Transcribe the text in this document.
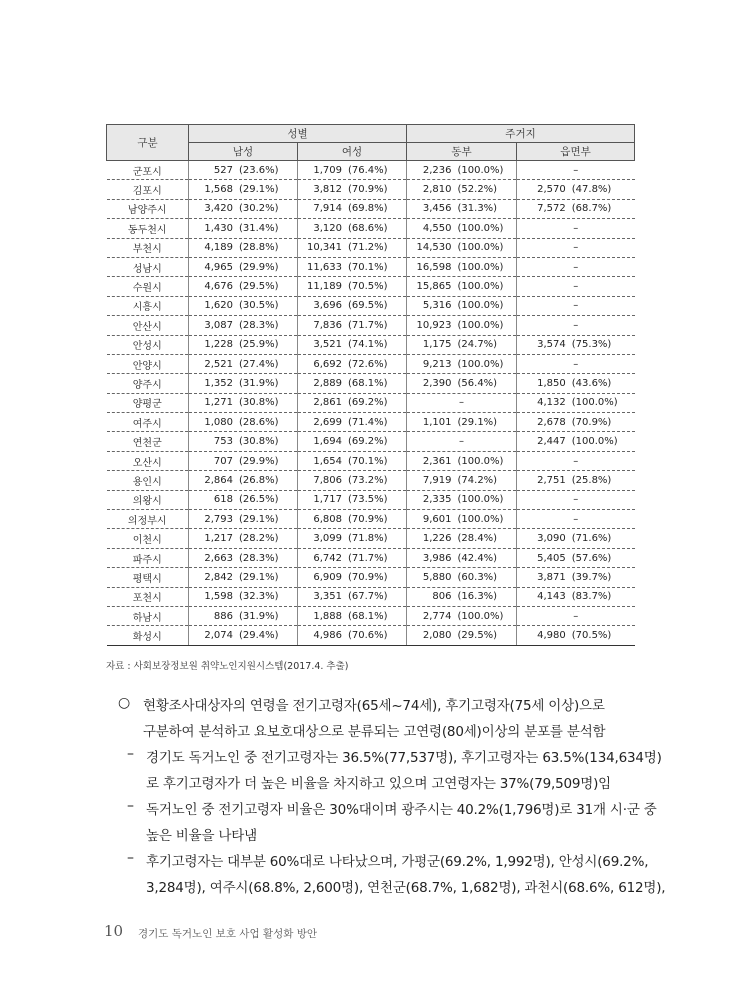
구분	성별		주거지	
	남성	여성	동부	읍면부
군포시	527 (23.6%)	1,709 (76.4%)	2,236 (100.0%)	–
김포시	1,568 (29.1%)	3,812 (70.9%)	2,810 (52.2%)	2,570 (47.8%)
남양주시	3,420 (30.2%)	7,914 (69.8%)	3,456 (31.3%)	7,572 (68.7%)
동두천시	1,430 (31.4%)	3,120 (68.6%)	4,550 (100.0%)	–
부천시	4,189 (28.8%)	10,341 (71.2%)	14,530 (100.0%)	–
성남시	4,965 (29.9%)	11,633 (70.1%)	16,598 (100.0%)	–
수원시	4,676 (29.5%)	11,189 (70.5%)	15,865 (100.0%)	–
시흥시	1,620 (30.5%)	3,696 (69.5%)	5,316 (100.0%)	–
안산시	3,087 (28.3%)	7,836 (71.7%)	10,923 (100.0%)	–
안성시	1,228 (25.9%)	3,521 (74.1%)	1,175 (24.7%)	3,574 (75.3%)
안양시	2,521 (27.4%)	6,692 (72.6%)	9,213 (100.0%)	–
양주시	1,352 (31.9%)	2,889 (68.1%)	2,390 (56.4%)	1,850 (43.6%)
양평군	1,271 (30.8%)	2,861 (69.2%)	–	4,132 (100.0%)
여주시	1,080 (28.6%)	2,699 (71.4%)	1,101 (29.1%)	2,678 (70.9%)
연천군	753 (30.8%)	1,694 (69.2%)	–	2,447 (100.0%)
오산시	707 (29.9%)	1,654 (70.1%)	2,361 (100.0%)	–
용인시	2,864 (26.8%)	7,806 (73.2%)	7,919 (74.2%)	2,751 (25.8%)
의왕시	618 (26.5%)	1,717 (73.5%)	2,335 (100.0%)	–
의정부시	2,793 (29.1%)	6,808 (70.9%)	9,601 (100.0%)	–
이천시	1,217 (28.2%)	3,099 (71.8%)	1,226 (28.4%)	3,090 (71.6%)
파주시	2,663 (28.3%)	6,742 (71.7%)	3,986 (42.4%)	5,405 (57.6%)
평택시	2,842 (29.1%)	6,909 (70.9%)	5,880 (60.3%)	3,871 (39.7%)
포천시	1,598 (32.3%)	3,351 (67.7%)	806 (16.3%)	4,143 (83.7%)
하남시	886 (31.9%)	1,888 (68.1%)	2,774 (100.0%)	–
화성시	2,074 (29.4%)	4,986 (70.6%)	2,080 (29.5%)	4,980 (70.5%)
자료 : 사회보장정보원 취약노인지원시스템(2017.4. 추출)
○ 현황조사대상자의 연령을 전기고령자(65세~74세), 후기고령자(75세 이상)으로
구분하여 분석하고 요보호대상으로 분류되는 고연령(80세)이상의 분포를 분석함
– 경기도 독거노인 중 전기고령자는 36.5%(77,537명), 후기고령자는 63.5%(134,634명)
로 후기고령자가 더 높은 비율을 차지하고 있으며 고연령자는 37%(79,509명)임
– 독거노인 중 전기고령자 비율은 30%대이며 광주시는 40.2%(1,796명)로 31개 시·군 중
높은 비율을 나타냄
– 후기고령자는 대부분 60%대로 나타났으며, 가평군(69.2%, 1,992명), 안성시(69.2%,
3,284명), 여주시(68.8%, 2,600명), 연천군(68.7%, 1,682명), 과천시(68.6%, 612명),
10 경기도 독거노인 보호 사업 활성화 방안
